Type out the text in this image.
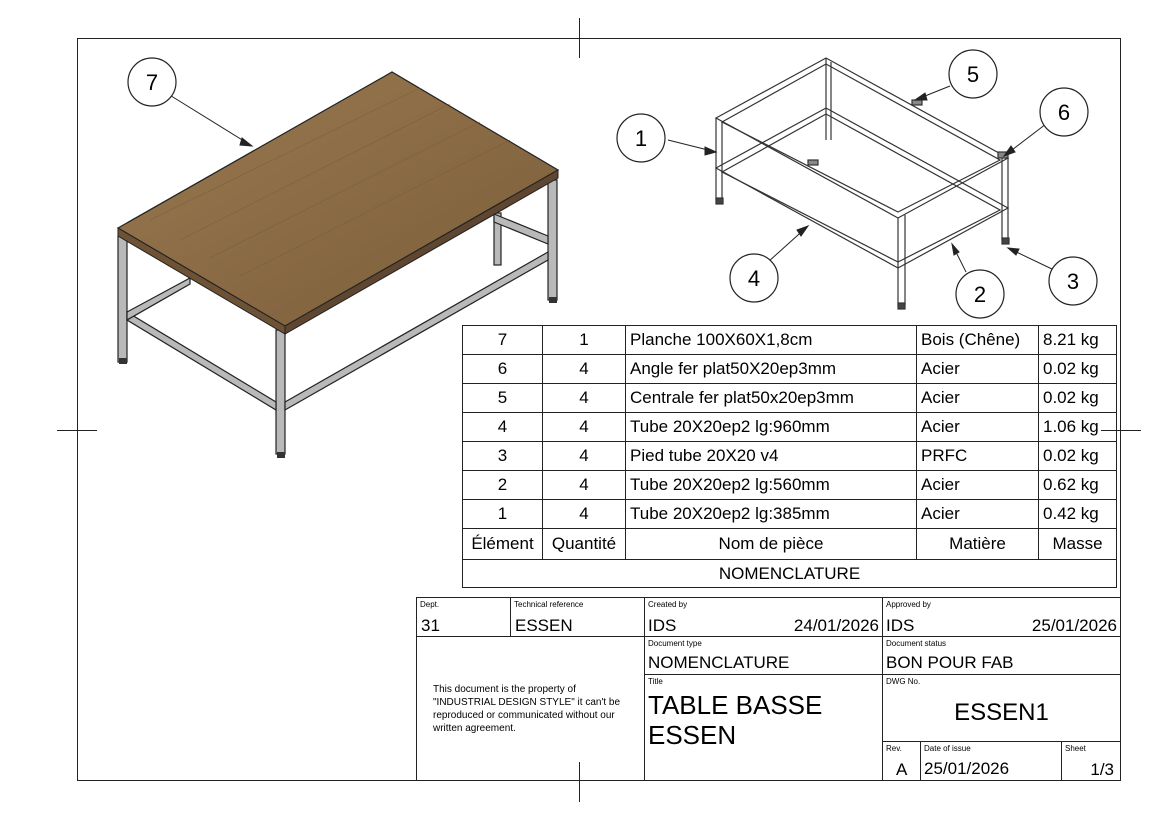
7
1
5
6
4
2
3
7	1	Planche 100X60X1,8cm	Bois (Chêne)	8.21 kg
6	4	Angle fer plat50X20ep3mm	Acier	0.02 kg
5	4	Centrale fer plat50x20ep3mm	Acier	0.02 kg
4	4	Tube 20X20ep2 lg:960mm	Acier	1.06 kg
3	4	Pied tube 20X20 v4	PRFC	0.02 kg
2	4	Tube 20X20ep2 lg:560mm	Acier	0.62 kg
1	4	Tube 20X20ep2 lg:385mm	Acier	0.42 kg
Élément	Quantité	Nom de pièce	Matière	Masse
NOMENCLATURE				
Dept.
31
Technical reference
ESSEN
Created by
IDS	24/01/2026
Approved by
IDS	25/01/2026
This document is the property of "INDUSTRIAL DESIGN STYLE" it can't be reproduced or communicated without our written agreement.
Document type
NOMENCLATURE
Document status
BON POUR FAB
Title
TABLE BASSE
ESSEN
DWG No.
ESSEN1
Rev.
A
Date of issue
25/01/2026
Sheet
1/3
